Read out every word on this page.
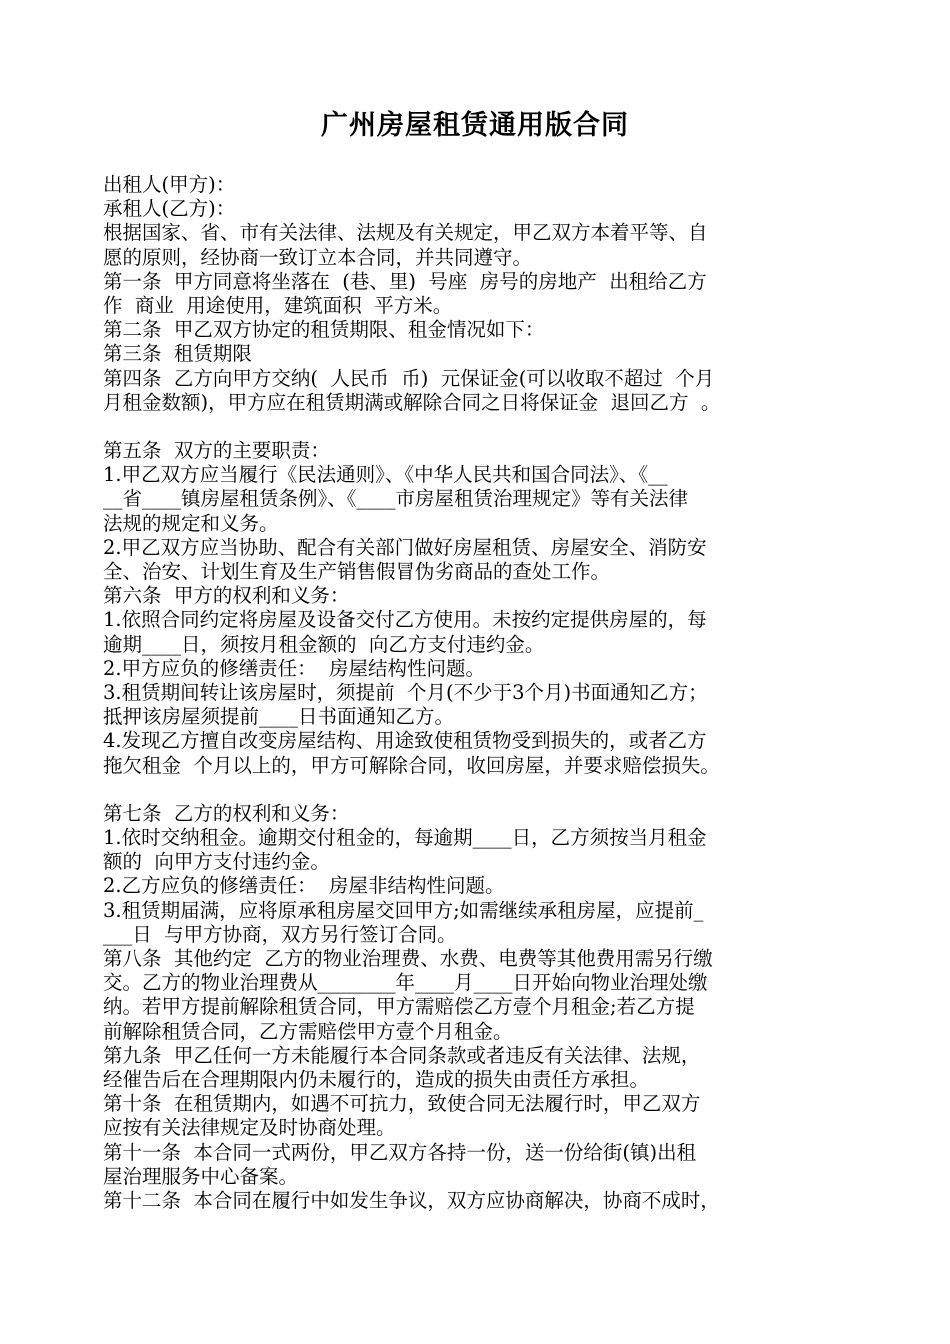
广州房屋租赁通用版合同
出租人(甲方)：
承租人(乙方)：
根据国家、省、市有关法律、法规及有关规定，甲乙双方本着平等、自
愿的原则，经协商一致订立本合同，并共同遵守。
第一条  甲方同意将坐落在  (巷、里)  号座  房号的房地产  出租给乙方
作  商业  用途使用，建筑面积  平方米。
第二条  甲乙双方协定的租赁期限、租金情况如下：
第三条  租赁期限
第四条  乙方向甲方交纳(  人民币  币)  元保证金(可以收取不超过  个月
月租金数额)，甲方应在租赁期满或解除合同之日将保证金  退回乙方  。
第五条  双方的主要职责：
1.甲乙双方应当履行《民法通则》、《中华人民共和国合同法》、《__
__省____镇房屋租赁条例》、《____市房屋租赁治理规定》等有关法律
法规的规定和义务。
2.甲乙双方应当协助、配合有关部门做好房屋租赁、房屋安全、消防安
全、治安、计划生育及生产销售假冒伪劣商品的查处工作。
第六条  甲方的权利和义务：
1.依照合同约定将房屋及设备交付乙方使用。未按约定提供房屋的，每
逾期____日，须按月租金额的  向乙方支付违约金。
2.甲方应负的修缮责任：  房屋结构性问题。
3.租赁期间转让该房屋时，须提前  个月(不少于3个月)书面通知乙方；
抵押该房屋须提前____日书面通知乙方。
4.发现乙方擅自改变房屋结构、用途致使租赁物受到损失的，或者乙方
拖欠租金  个月以上的，甲方可解除合同，收回房屋，并要求赔偿损失。
第七条  乙方的权利和义务：
1.依时交纳租金。逾期交付租金的，每逾期____日，乙方须按当月租金
额的  向甲方支付违约金。
2.乙方应负的修缮责任：  房屋非结构性问题。
3.租赁期届满，应将原承租房屋交回甲方;如需继续承租房屋，应提前_
___日  与甲方协商，双方另行签订合同。
第八条  其他约定  乙方的物业治理费、水费、电费等其他费用需另行缴
交。乙方的物业治理费从________年____月____日开始向物业治理处缴
纳。若甲方提前解除租赁合同，甲方需赔偿乙方壹个月租金;若乙方提
前解除租赁合同，乙方需赔偿甲方壹个月租金。
第九条  甲乙任何一方未能履行本合同条款或者违反有关法律、法规，
经催告后在合理期限内仍未履行的，造成的损失由责任方承担。
第十条  在租赁期内，如遇不可抗力，致使合同无法履行时，甲乙双方
应按有关法律规定及时协商处理。
第十一条  本合同一式两份，甲乙双方各持一份，送一份给街(镇)出租
屋治理服务中心备案。
第十二条  本合同在履行中如发生争议，双方应协商解决，协商不成时，
